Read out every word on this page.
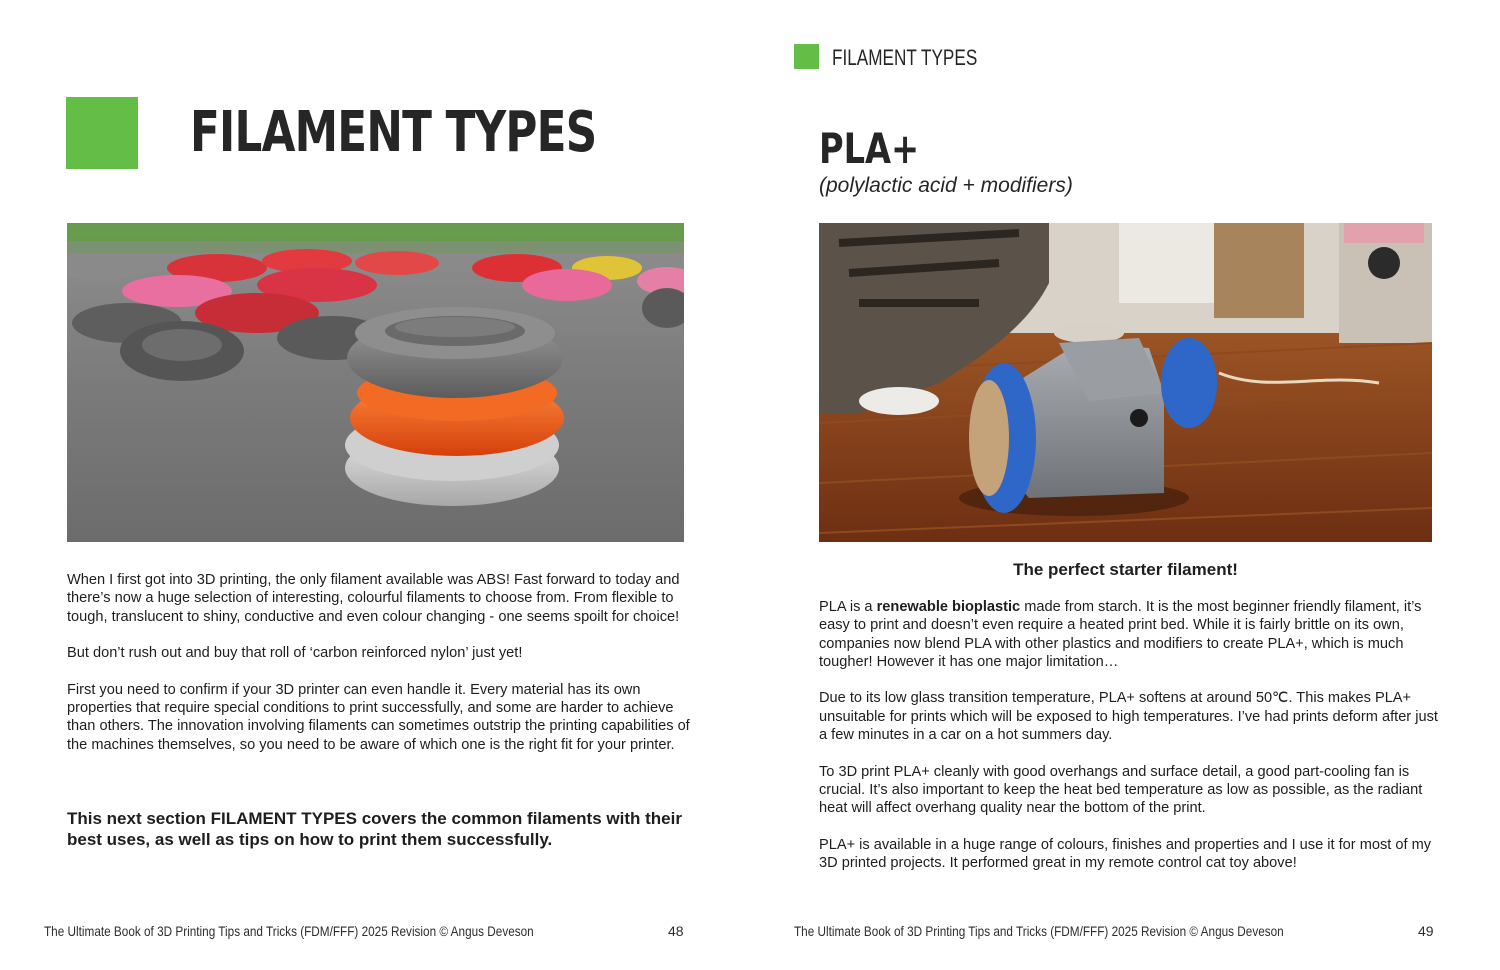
FILAMENT TYPES

When I first got into 3D printing, the only filament available was ABS! Fast forward to today and there’s now a huge selection of interesting, colourful filaments to choose from. From flexible to tough, translucent to shiny, conductive and even colour changing - one seems spoilt for choice!

But don’t rush out and buy that roll of ‘carbon reinforced nylon’ just yet!

First you need to confirm if your 3D printer can even handle it. Every material has its own properties that require special conditions to print successfully, and some are harder to achieve than others. The innovation involving filaments can sometimes outstrip the printing capabilities of the machines themselves, so you need to be aware of which one is the right fit for your printer.

This next section FILAMENT TYPES covers the common filaments with their best uses, as well as tips on how to print them successfully.
The Ultimate Book of 3D Printing Tips and Tricks (FDM/FFF) 2025 Revision © Angus Deveson	48
FILAMENT TYPES
PLA+
(polylactic acid + modifiers)
The perfect starter filament!

PLA is a renewable bioplastic made from starch. It is the most beginner friendly filament, it’s easy to print and doesn’t even require a heated print bed. While it is fairly brittle on its own, companies now blend PLA with other plastics and modifiers to create PLA+, which is much tougher! However it has one major limitation…

Due to its low glass transition temperature, PLA+ softens at around 50℃. This makes PLA+ unsuitable for prints which will be exposed to high temperatures. I’ve had prints deform after just a few minutes in a car on a hot summers day.

To 3D print PLA+ cleanly with good overhangs and surface detail, a good part-cooling fan is crucial. It’s also important to keep the heat bed temperature as low as possible, as the radiant heat will affect overhang quality near the bottom of the print.

PLA+ is available in a huge range of colours, finishes and properties and I use it for most of my 3D printed projects. It performed great in my remote control cat toy above!

The Ultimate Book of 3D Printing Tips and Tricks (FDM/FFF) 2025 Revision © Angus Deveson	49
